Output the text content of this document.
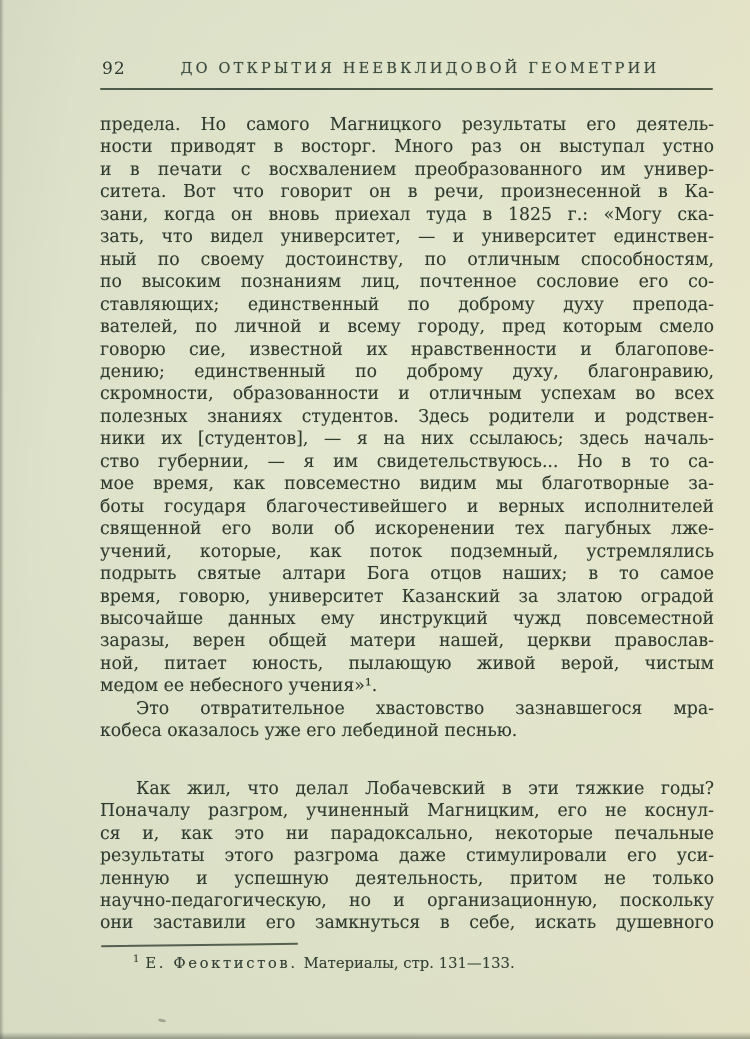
92	ДО ОТКРЫТИЯ НЕЕВКЛИДОВОЙ ГЕОМЕТРИИ
предела. Но самого Магницкого результаты его деятель-
ности приводят в восторг. Много раз он выступал устно
и в печати с восхвалением преобразованного им универ-
ситета. Вот что говорит он в речи, произнесенной в Ка-
зани, когда он вновь приехал туда в 1825 г.: «Могу ска-
зать, что видел университет, — и университет единствен-
ный по своему достоинству, по отличным способностям,
по высоким познаниям лиц, почтенное сословие его со-
ставляющих; единственный по доброму духу препода-
вателей, по личной и всему городу, пред которым смело
говорю сие, известной их нравственности и благопове-
дению; единственный по доброму духу, благонравию,
скромности, образованности и отличным успехам во всех
полезных знаниях студентов. Здесь родители и родствен-
ники их [студентов], — я на них ссылаюсь; здесь началь-
ство губернии, — я им свидетельствуюсь... Но в то са-
мое время, как повсеместно видим мы благотворные за-
боты государя благочестивейшего и верных исполнителей
священной его воли об искоренении тех пагубных лже-
учений, которые, как поток подземный, устремлялись
подрыть святые алтари Бога отцов наших; в то самое
время, говорю, университет Казанский за златою оградой
высочайше данных ему инструкций чужд повсеместной
заразы, верен общей матери нашей, церкви православ-
ной, питает юность, пылающую живой верой, чистым
медом ее небесного учения»¹.
Это отвратительное хвастовство зазнавшегося мра-
кобеса оказалось уже его лебединой песнью.
Как жил, что делал Лобачевский в эти тяжкие годы?
Поначалу разгром, учиненный Магницким, его не коснул-
ся и, как это ни парадоксально, некоторые печальные
результаты этого разгрома даже стимулировали его уси-
ленную и успешную деятельность, притом не только
научно-педагогическую, но и организационную, поскольку
они заставили его замкнуться в себе, искать душевного
$^1$ Е. Феоктистов. Материалы, стр. 131—133.
